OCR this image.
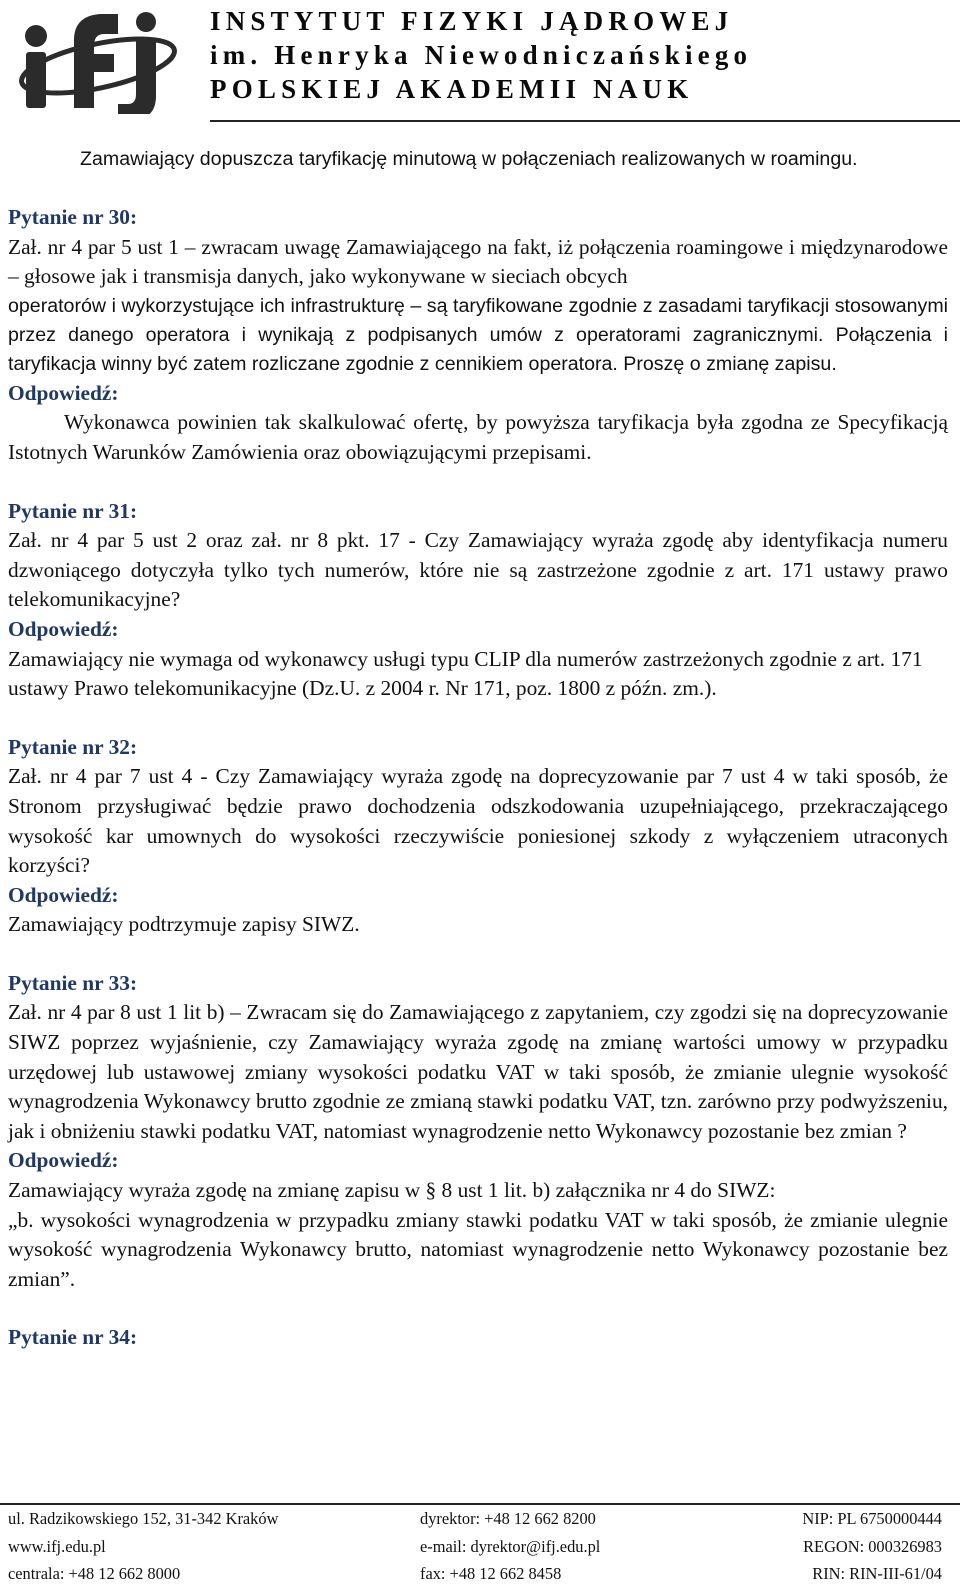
INSTYTUT FIZYKI JĄDROWEJ
im. Henryka Niewodniczańskiego
POLSKIEJ AKADEMII NAUK

Zamawiający dopuszcza taryfikację minutową w połączeniach realizowanych w roamingu.

Pytanie nr 30:

Zał. nr 4 par 5 ust 1 – zwracam uwagę Zamawiającego na fakt, iż połączenia roamingowe i międzynarodowe – głosowe jak i transmisja danych, jako wykonywane w sieciach obcych

operatorów i wykorzystujące ich infrastrukturę – są taryfikowane zgodnie z zasadami taryfikacji stosowanymi przez danego operatora i wynikają z podpisanych umów z operatorami zagranicznymi. Połączenia i taryfikacja winny być zatem rozliczane zgodnie z cennikiem operatora. Proszę o zmianę zapisu.

Odpowiedź:

Wykonawca powinien tak skalkulować ofertę, by powyższa taryfikacja była zgodna ze Specyfikacją Istotnych Warunków Zamówienia oraz obowiązującymi przepisami.

Pytanie nr 31:

Zał. nr 4 par 5 ust 2 oraz zał. nr 8 pkt. 17 - Czy Zamawiający wyraża zgodę aby identyfikacja numeru dzwoniącego dotyczyła tylko tych numerów, które nie są zastrzeżone zgodnie z art. 171 ustawy prawo telekomunikacyjne?

Odpowiedź:

Zamawiający nie wymaga od wykonawcy usługi typu CLIP dla numerów zastrzeżonych zgodnie z art. 171 ustawy Prawo telekomunikacyjne (Dz.U. z 2004 r. Nr 171, poz. 1800 z późn. zm.).

Pytanie nr 32:

Zał. nr 4 par 7 ust 4 - Czy Zamawiający wyraża zgodę na doprecyzowanie par 7 ust 4 w taki sposób, że Stronom przysługiwać będzie prawo dochodzenia odszkodowania uzupełniającego, przekraczającego wysokość kar umownych do wysokości rzeczywiście poniesionej szkody z wyłączeniem utraconych korzyści?

Odpowiedź:

Zamawiający podtrzymuje zapisy SIWZ.

Pytanie nr 33:

Zał. nr 4 par 8 ust 1 lit b) – Zwracam się do Zamawiającego z zapytaniem, czy zgodzi się na doprecyzowanie SIWZ poprzez wyjaśnienie, czy Zamawiający wyraża zgodę na zmianę wartości umowy w przypadku urzędowej lub ustawowej zmiany wysokości podatku VAT w taki sposób, że zmianie ulegnie wysokość wynagrodzenia Wykonawcy brutto zgodnie ze zmianą stawki podatku VAT, tzn. zarówno przy podwyższeniu, jak i obniżeniu stawki podatku VAT, natomiast wynagrodzenie netto Wykonawcy pozostanie bez zmian ?

Odpowiedź:

Zamawiający wyraża zgodę na zmianę zapisu w § 8 ust 1 lit. b) załącznika nr 4 do SIWZ:

„b. wysokości wynagrodzenia w przypadku zmiany stawki podatku VAT w taki sposób, że zmianie ulegnie wysokość wynagrodzenia Wykonawcy brutto, natomiast wynagrodzenie netto Wykonawcy pozostanie bez zmian”.

Pytanie nr 34:

ul. Radzikowskiego 152, 31-342 Kraków
www.ifj.edu.pl
centrala: +48 12 662 8000
dyrektor: +48 12 662 8200
e-mail: dyrektor@ifj.edu.pl
fax: +48 12 662 8458
NIP: PL 6750000444
REGON: 000326983
RIN: RIN-III-61/04
